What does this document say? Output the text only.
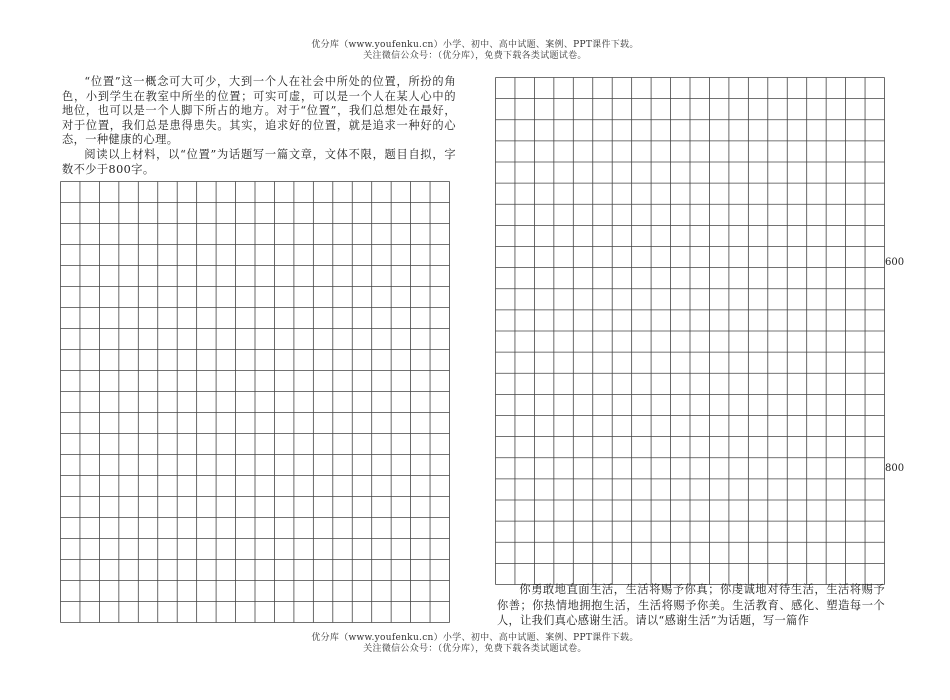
优分库（www.youfenku.cn）小学、初中、高中试题、案例、PPT课件下载。
关注微信公众号：（优分库），免费下载各类试题试卷。

“位置”这一概念可大可少，大到一个人在社会中所处的位置，所扮的角色，小到学生在教室中所坐的位置；可实可虚，可以是一个人在某人心中的地位，也可以是一个人脚下所占的地方。对于“位置”，我们总想处在最好，对于位置，我们总是患得患失。其实，追求好的位置，就是追求一种好的心态，一种健康的心理。

阅读以上材料，以“位置”为话题写一篇文章，文体不限，题目自拟，字数不少于800字。

600
800

你勇敢地直面生活，生活将赐予你真；你虔诚地对待生活，生活将赐予你善；你热情地拥抱生活，生活将赐予你美。生活教育、感化、塑造每一个人，让我们真心感谢生活。请以“感谢生活”为话题，写一篇作

优分库（www.youfenku.cn）小学、初中、高中试题、案例、PPT课件下载。
关注微信公众号：（优分库），免费下载各类试题试卷。
